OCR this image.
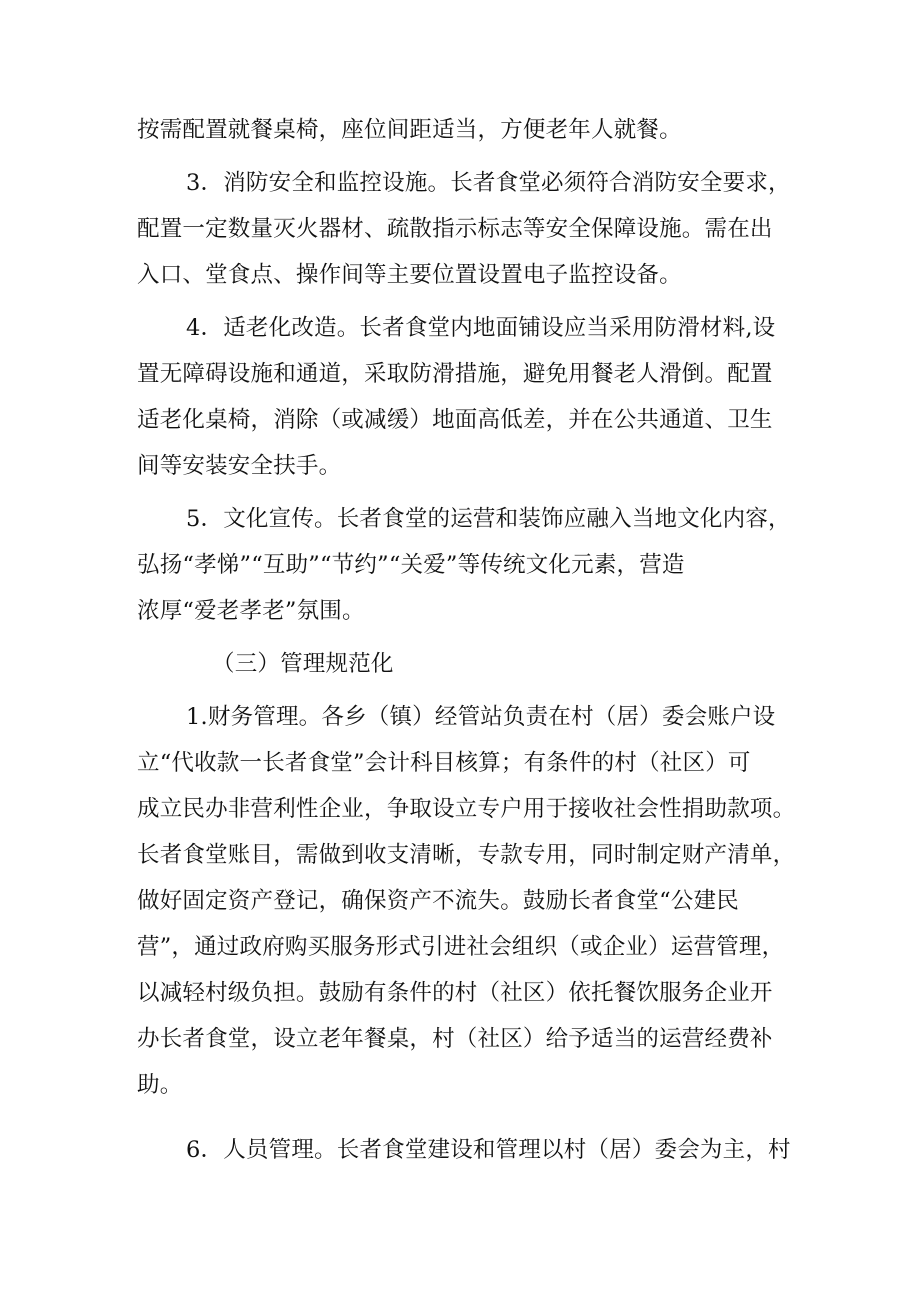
按需配置就餐桌椅，座位间距适当，方便老年人就餐。
3．消防安全和监控设施。长者食堂必须符合消防安全要求，
配置一定数量灭火器材、疏散指示标志等安全保障设施。需在出
入口、堂食点、操作间等主要位置设置电子监控设备。
4．适老化改造。长者食堂内地面铺设应当采用防滑材料,设
置无障碍设施和通道，采取防滑措施，避免用餐老人滑倒。配置
适老化桌椅，消除（或减缓）地面高低差，并在公共通道、卫生
间等安装安全扶手。
5．文化宣传。长者食堂的运营和装饰应融入当地文化内容，
弘扬“孝悌”“互助”“节约”“关爱”等传统文化元素，营造
浓厚“爱老孝老”氛围。
（三）管理规范化
1.财务管理。各乡（镇）经管站负责在村（居）委会账户设
立“代收款一长者食堂”会计科目核算；有条件的村（社区）可
成立民办非营利性企业，争取设立专户用于接收社会性捐助款项。
长者食堂账目，需做到收支清晰，专款专用，同时制定财产清单，
做好固定资产登记，确保资产不流失。鼓励长者食堂“公建民
营”，通过政府购买服务形式引进社会组织（或企业）运营管理，
以减轻村级负担。鼓励有条件的村（社区）依托餐饮服务企业开
办长者食堂，设立老年餐桌，村（社区）给予适当的运营经费补
助。
6．人员管理。长者食堂建设和管理以村（居）委会为主，村
